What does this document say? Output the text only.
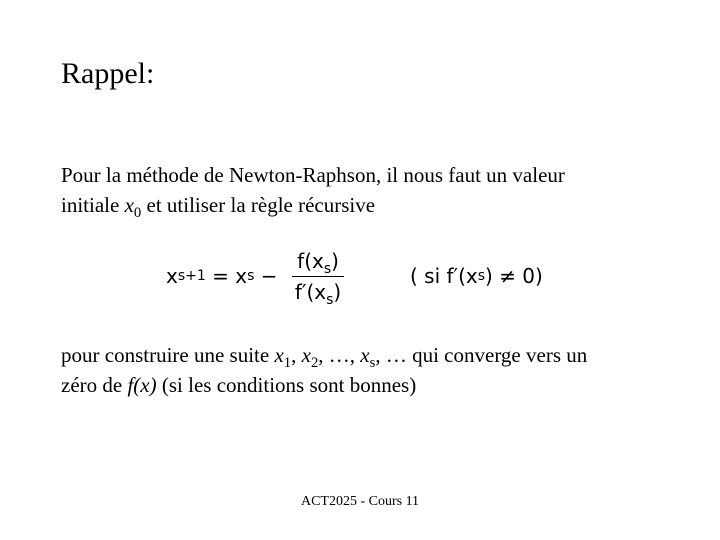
Rappel:
Pour la méthode de Newton-Raphson, il nous faut un valeur
initiale $x_0$ et utiliser la règle récursive
x s+1 = x $s - \frac{f(x_s)}{f'(x_s)}$	( si f′(x s ) ≠ 0)
pour construire une suite $x_1$, $x_2$, …, $x_s$, … qui converge vers un
zéro de f(x) (si les conditions sont bonnes)
ACT2025 - Cours 11
